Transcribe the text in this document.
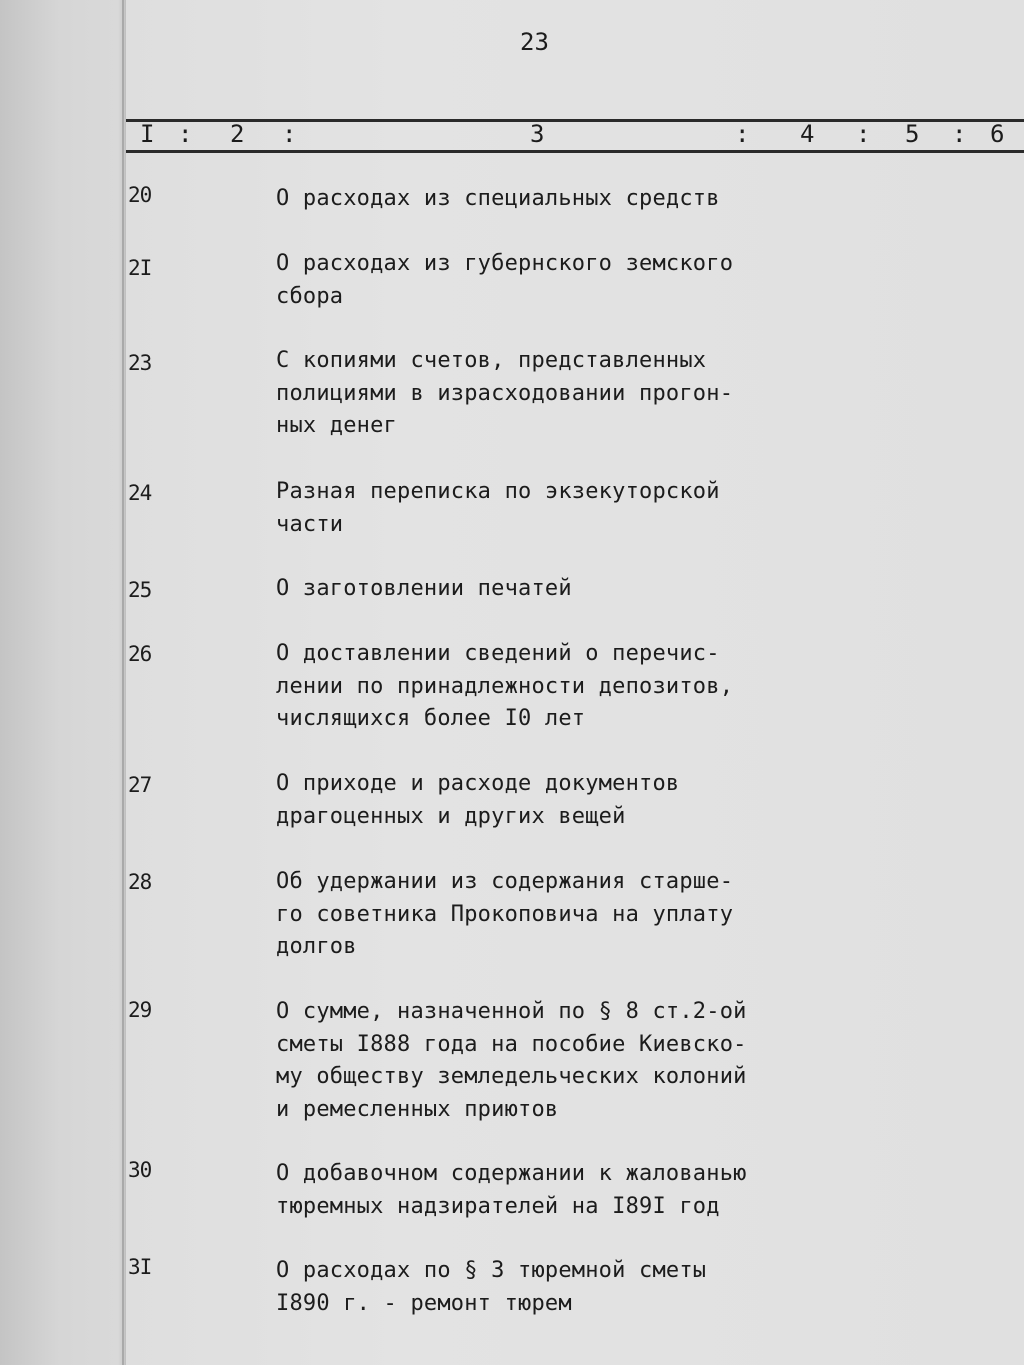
23
I : 2 :	3	: 4 : 5 : 6
20	О расходах из специальных средств
2I	О расходах из губернского земского
сбора
23	С копиями счетов, представленных
полициями в израсходовании прогон-
ных денег
24	Разная переписка по экзекуторской
части
25	О заготовлении печатей
26	О доставлении сведений о перечис-
лении по принадлежности депозитов,
числящихся более I0 лет
27	О приходе и расходе документов
драгоценных и других вещей
28	Об удержании из содержания старше-
го советника Прокоповича на уплату
долгов
29	О сумме, назначенной по § 8 ст.2-ой
сметы I888 года на пособие Киевско-
му обществу земледельческих колоний
и ремесленных приютов
30	О добавочном содержании к жалованью
тюремных надзирателей на I89I год
3I	О расходах по § 3 тюремной сметы
I890 г. - ремонт тюрем
